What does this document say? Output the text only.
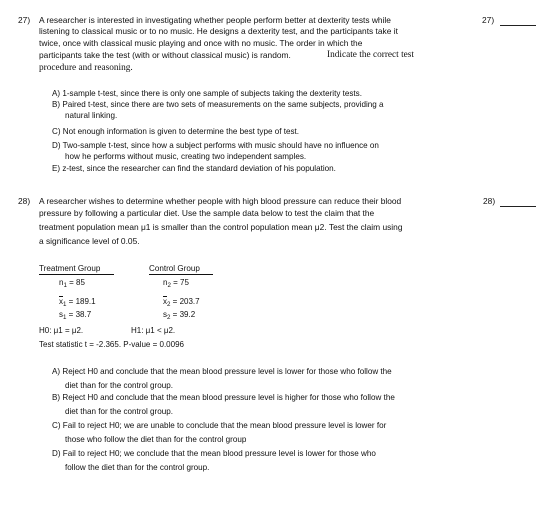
27) A researcher is interested in investigating whether people perform better at dexterity tests while
listening to classical music or to no music. He designs a dexterity test, and the participants take it
twice, once with classical music playing and once with no music. The order in which the
participants take the test (with or without classical music) is random.	Indicate the correct test
procedure and reasoning.
27)
A) 1-sample t-test, since there is only one sample of subjects taking the dexterity tests.
B) Paired t-test, since there are two sets of measurements on the same subjects, providing a
natural linking.
C) Not enough information is given to determine the best type of test.
D) Two-sample t-test, since how a subject performs with music should have no influence on
how he performs without music, creating two independent samples.
E) z-test, since the researcher can find the standard deviation of his population.
28) A researcher wishes to determine whether people with high blood pressure can reduce their blood
pressure by following a particular diet. Use the sample data below to test the claim that the
treatment population mean μ1 is smaller than the control population mean μ2. Test the claim using
a significance level of 0.05.
28)
Treatment Group	Control Group
$n_1 = 85$	$n_2 = 75$
$x_1 = 189.1$	$x_2 = 203.7$
$s_1 = 38.7$	$s_2 = 39.2$
H0: μ1 = μ2.	H1: μ1 < μ2.
Test statistic t = -2.365. P-value = 0.0096
A) Reject H0 and conclude that the mean blood pressure level is lower for those who follow the
diet than for the control group.
B) Reject H0 and conclude that the mean blood pressure level is higher for those who follow the
diet than for the control group.
C) Fail to reject H0; we are unable to conclude that the mean blood pressure level is lower for
those who follow the diet than for the control group
D) Fail to reject H0; we conclude that the mean blood pressure level is lower for those who
follow the diet than for the control group.
